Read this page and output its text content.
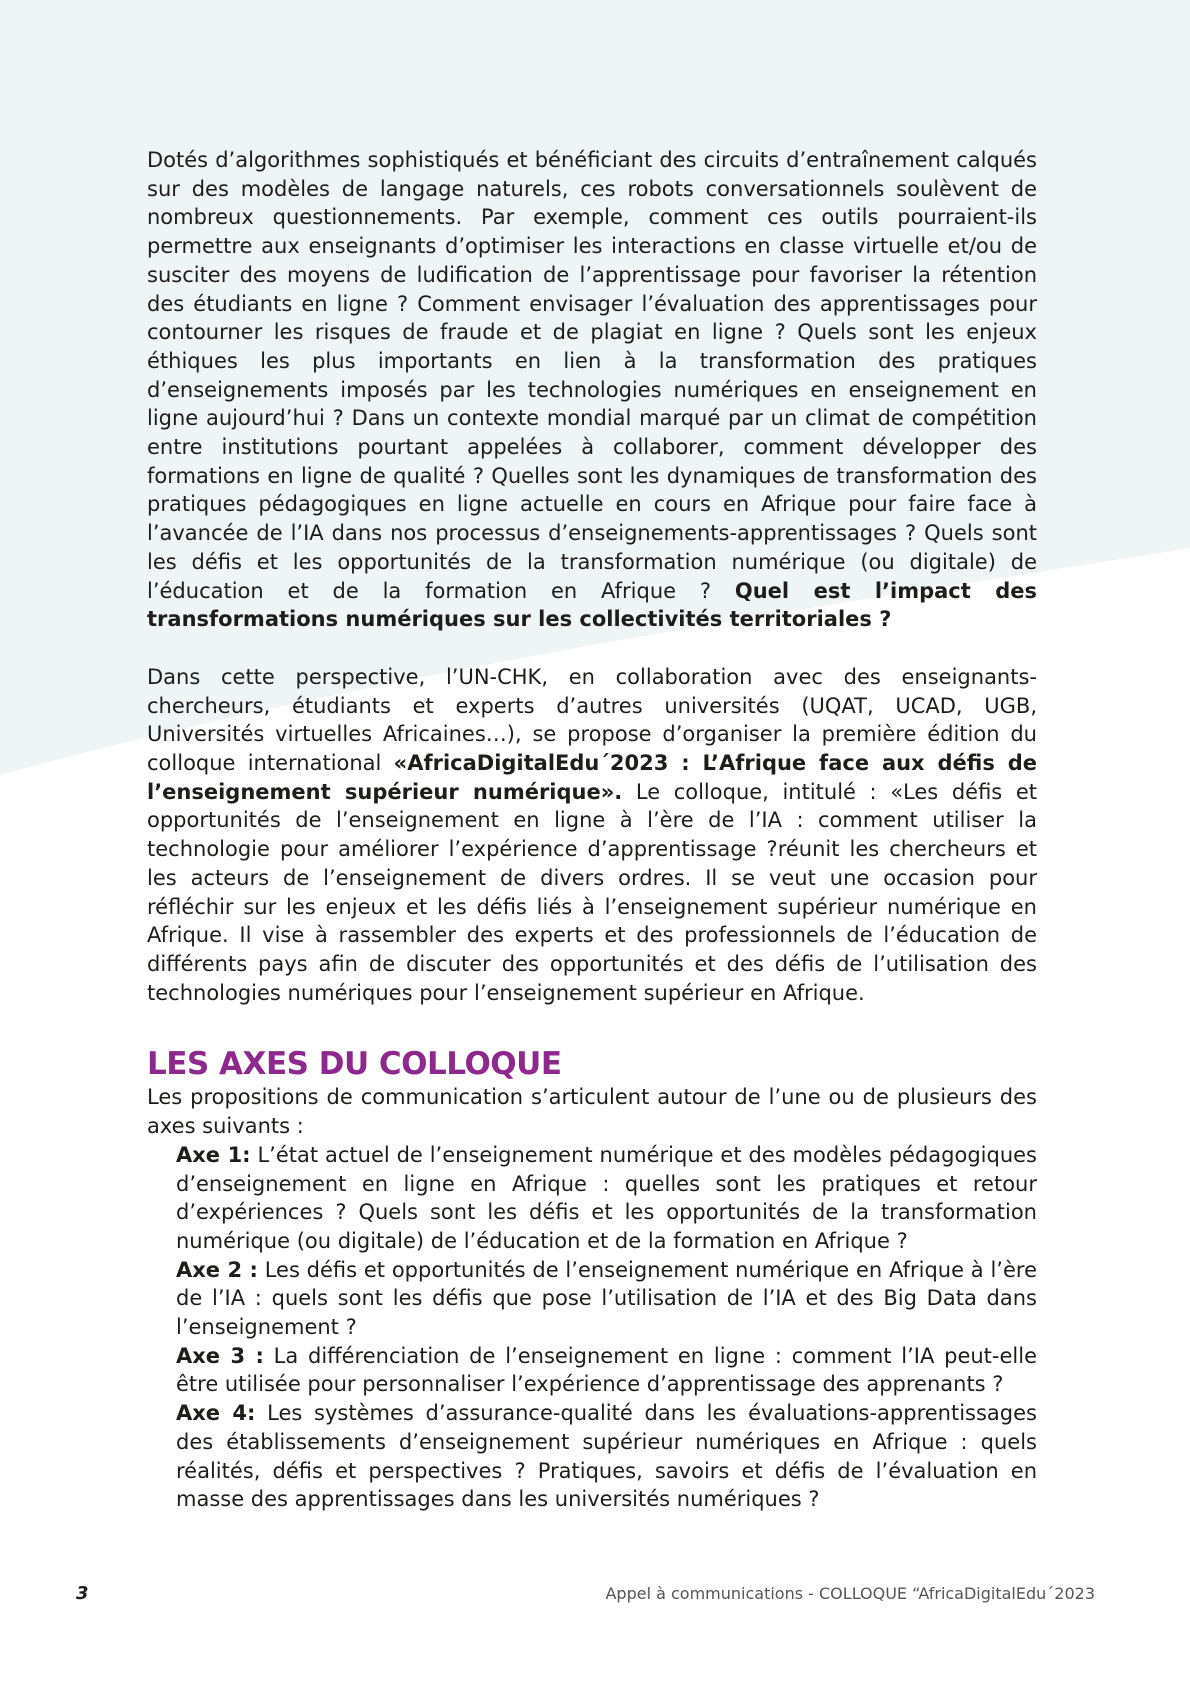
Dotés d’algorithmes sophistiqués et bénéficiant des circuits d’entraînement calqués sur des modèles de langage naturels, ces robots conversationnels soulèvent de nombreux questionnements. Par exemple, comment ces outils pourraient-ils permettre aux enseignants d’optimiser les interactions en classe virtuelle et/ou de susciter des moyens de ludification de l’apprentissage pour favoriser la rétention des étudiants en ligne ? Comment envisager l’évaluation des apprentissages pour contourner les risques de fraude et de plagiat en ligne ? Quels sont les enjeux éthiques les plus importants en lien à la transformation des pratiques d’enseignements imposés par les technologies numériques en enseignement en ligne aujourd’hui ? Dans un contexte mondial marqué par un climat de compétition entre institutions pourtant appelées à collaborer, comment développer des formations en ligne de qualité ? Quelles sont les dynamiques de transformation des pratiques pédagogiques en ligne actuelle en cours en Afrique pour faire face à l’avancée de l’IA dans nos processus d’enseignements-apprentissages ? Quels sont les défis et les opportunités de la transformation numérique (ou digitale) de l’éducation et de la formation en Afrique ? Quel est l’impact des transformations numériques sur les collectivités territoriales ?

Dans cette perspective, l’UN-CHK, en collaboration avec des enseignants-chercheurs, étudiants et experts d’autres universités (UQAT, UCAD, UGB, Universités virtuelles Africaines…), se propose d’organiser la première édition du colloque international «AfricaDigitalEdu´2023 : L’Afrique face aux défis de l’enseignement supérieur numérique». Le colloque, intitulé : «Les défis et opportunités de l’enseignement en ligne à l’ère de l’IA : comment utiliser la technologie pour améliorer l’expérience d’apprentissage ?réunit les chercheurs et les acteurs de l’enseignement de divers ordres. Il se veut une occasion pour réfléchir sur les enjeux et les défis liés à l’enseignement supérieur numérique en Afrique. Il vise à rassembler des experts et des professionnels de l’éducation de différents pays afin de discuter des opportunités et des défis de l’utilisation des technologies numériques pour l’enseignement supérieur en Afrique.

LES AXES DU COLLOQUE

Les propositions de communication s’articulent autour de l’une ou de plusieurs des axes suivants :

Axe 1: L’état actuel de l’enseignement numérique et des modèles pédagogiques d’enseignement en ligne en Afrique : quelles sont les pratiques et retour d’expériences ? Quels sont les défis et les opportunités de la transformation numérique (ou digitale) de l’éducation et de la formation en Afrique ?

Axe 2 : Les défis et opportunités de l’enseignement numérique en Afrique à l’ère de l’IA : quels sont les défis que pose l’utilisation de l’IA et des Big Data dans l’enseignement ?

Axe 3 : La différenciation de l’enseignement en ligne : comment l’IA peut-elle être utilisée pour personnaliser l’expérience d’apprentissage des apprenants ?

Axe 4: Les systèmes d’assurance-qualité dans les évaluations-apprentissages des établissements d’enseignement supérieur numériques en Afrique : quels réalités, défis et perspectives ? Pratiques, savoirs et défis de l’évaluation en masse des apprentissages dans les universités numériques ?

3	Appel à communications - COLLOQUE “AfricaDigitalEdu´2023
